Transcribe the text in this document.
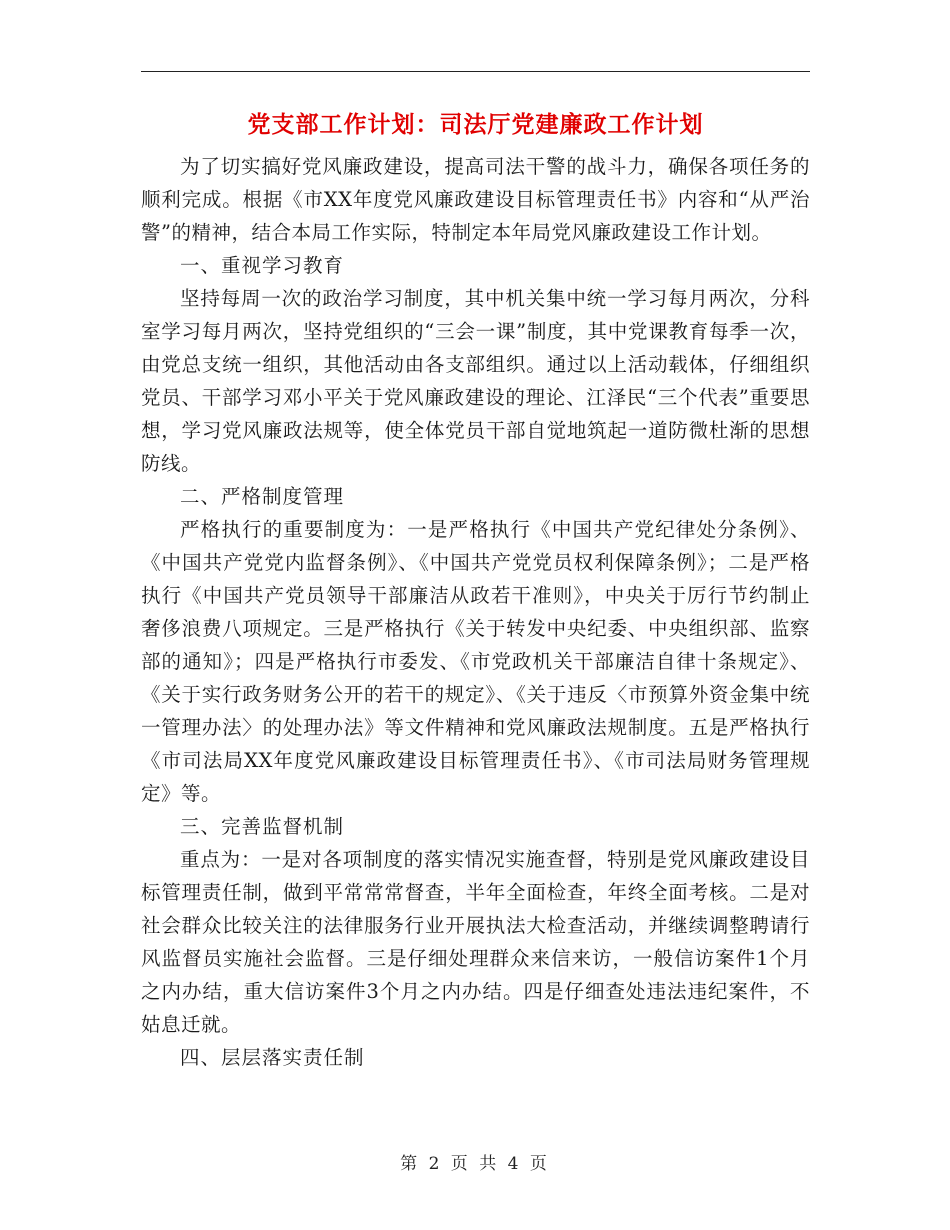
党支部工作计划：司法厅党建廉政工作计划

为了切实搞好党风廉政建设，提高司法干警的战斗力，确保各项任务的顺利完成。根据《市XX年度党风廉政建设目标管理责任书》内容和“从严治警”的精神，结合本局工作实际，特制定本年局党风廉政建设工作计划。

一、重视学习教育

坚持每周一次的政治学习制度，其中机关集中统一学习每月两次，分科室学习每月两次，坚持党组织的“三会一课”制度，其中党课教育每季一次，由党总支统一组织，其他活动由各支部组织。通过以上活动载体，仔细组织党员、干部学习邓小平关于党风廉政建设的理论、江泽民“三个代表”重要思想，学习党风廉政法规等，使全体党员干部自觉地筑起一道防微杜渐的思想防线。

二、严格制度管理

严格执行的重要制度为：一是严格执行《中国共产党纪律处分条例》、《中国共产党党内监督条例》、《中国共产党党员权利保障条例》；二是严格执行《中国共产党员领导干部廉洁从政若干准则》，中央关于厉行节约制止奢侈浪费八项规定。三是严格执行《关于转发中央纪委、中央组织部、监察部的通知》；四是严格执行市委发、《市党政机关干部廉洁自律十条规定》、《关于实行政务财务公开的若干的规定》、《关于违反〈市预算外资金集中统一管理办法〉的处理办法》等文件精神和党风廉政法规制度。五是严格执行《市司法局XX年度党风廉政建设目标管理责任书》、《市司法局财务管理规定》等。

三、完善监督机制

重点为：一是对各项制度的落实情况实施查督，特别是党风廉政建设目标管理责任制，做到平常常常督查，半年全面检查，年终全面考核。二是对社会群众比较关注的法律服务行业开展执法大检查活动，并继续调整聘请行风监督员实施社会监督。三是仔细处理群众来信来访，一般信访案件1个月之内办结，重大信访案件3个月之内办结。四是仔细查处违法违纪案件，不姑息迁就。

四、层层落实责任制

第 2 页 共 4 页
